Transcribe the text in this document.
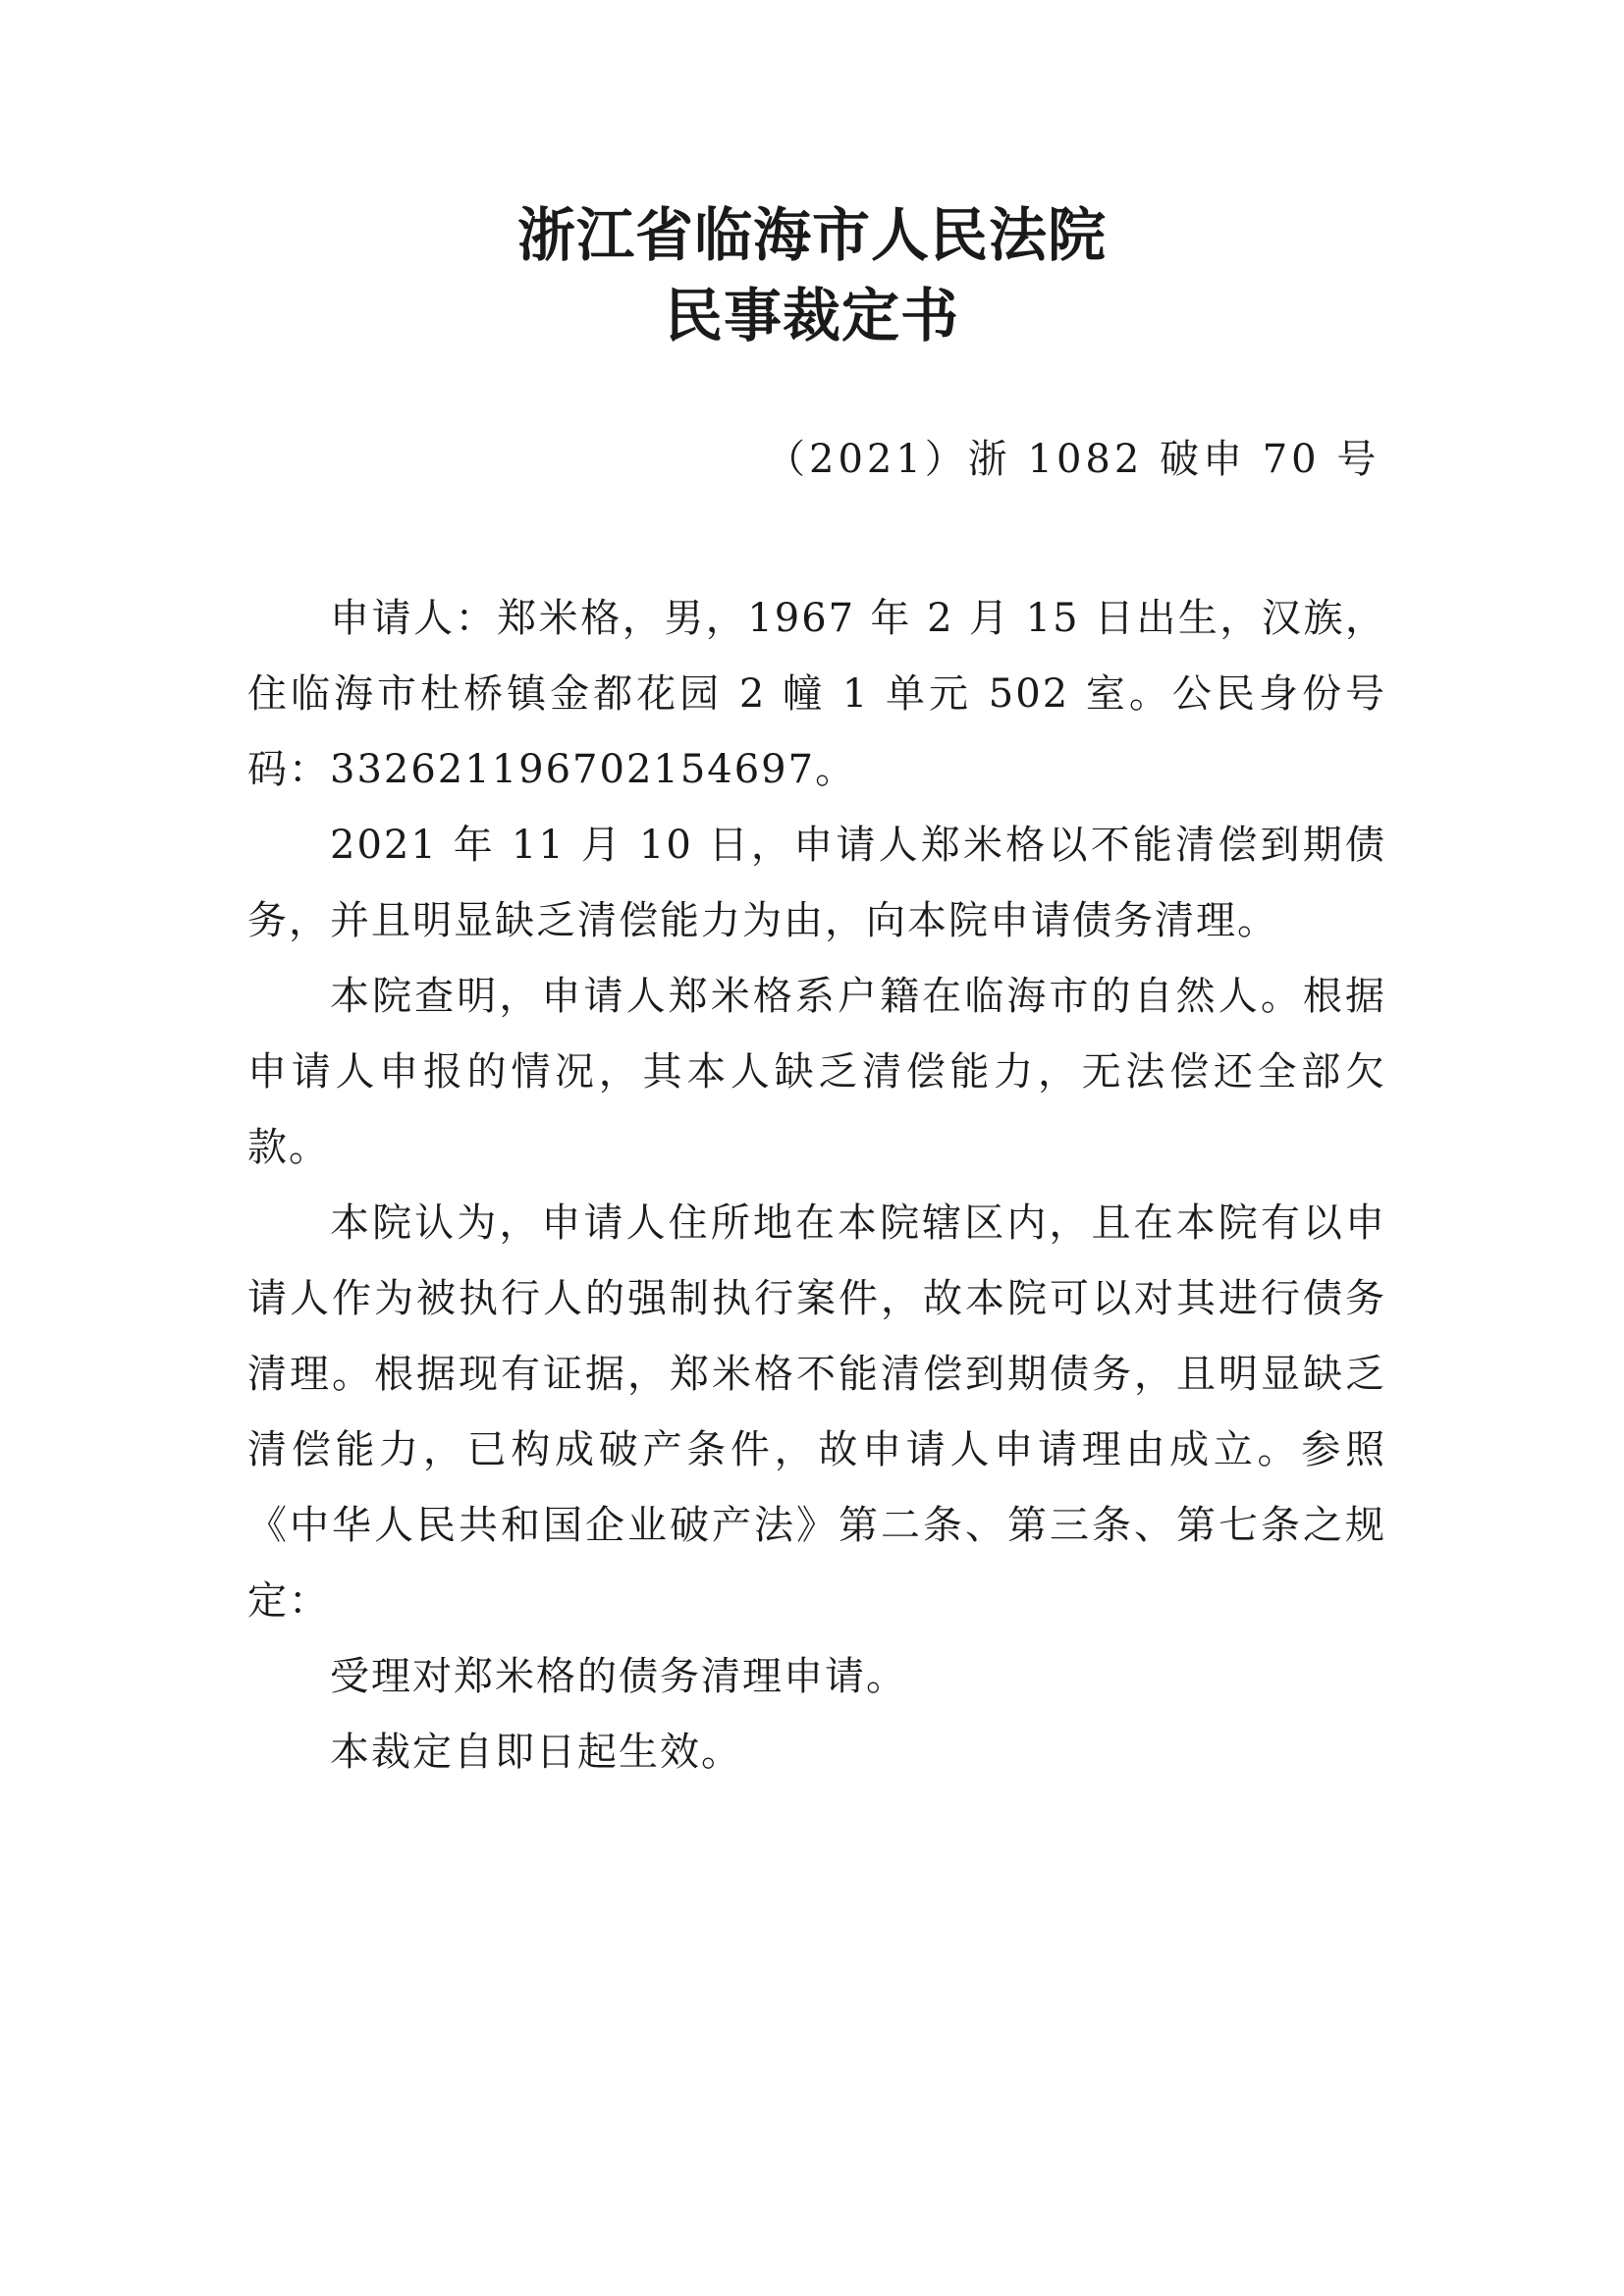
浙江省临海市人民法院
民事裁定书
（2021）浙 1082 破申 70 号

申请人：郑米格，男，1967 年 2 月 15 日出生，汉族，住临海市杜桥镇金都花园 2 幢 1 单元 502 室。公民身份号码：332621196702154697。

2021 年 11 月 10 日，申请人郑米格以不能清偿到期债务，并且明显缺乏清偿能力为由，向本院申请债务清理。

本院查明，申请人郑米格系户籍在临海市的自然人。根据申请人申报的情况，其本人缺乏清偿能力，无法偿还全部欠款。

本院认为，申请人住所地在本院辖区内，且在本院有以申请人作为被执行人的强制执行案件，故本院可以对其进行债务清理。根据现有证据，郑米格不能清偿到期债务，且明显缺乏清偿能力，已构成破产条件，故申请人申请理由成立。参照《中华人民共和国企业破产法》第二条、第三条、第七条之规定：

受理对郑米格的债务清理申请。

本裁定自即日起生效。
